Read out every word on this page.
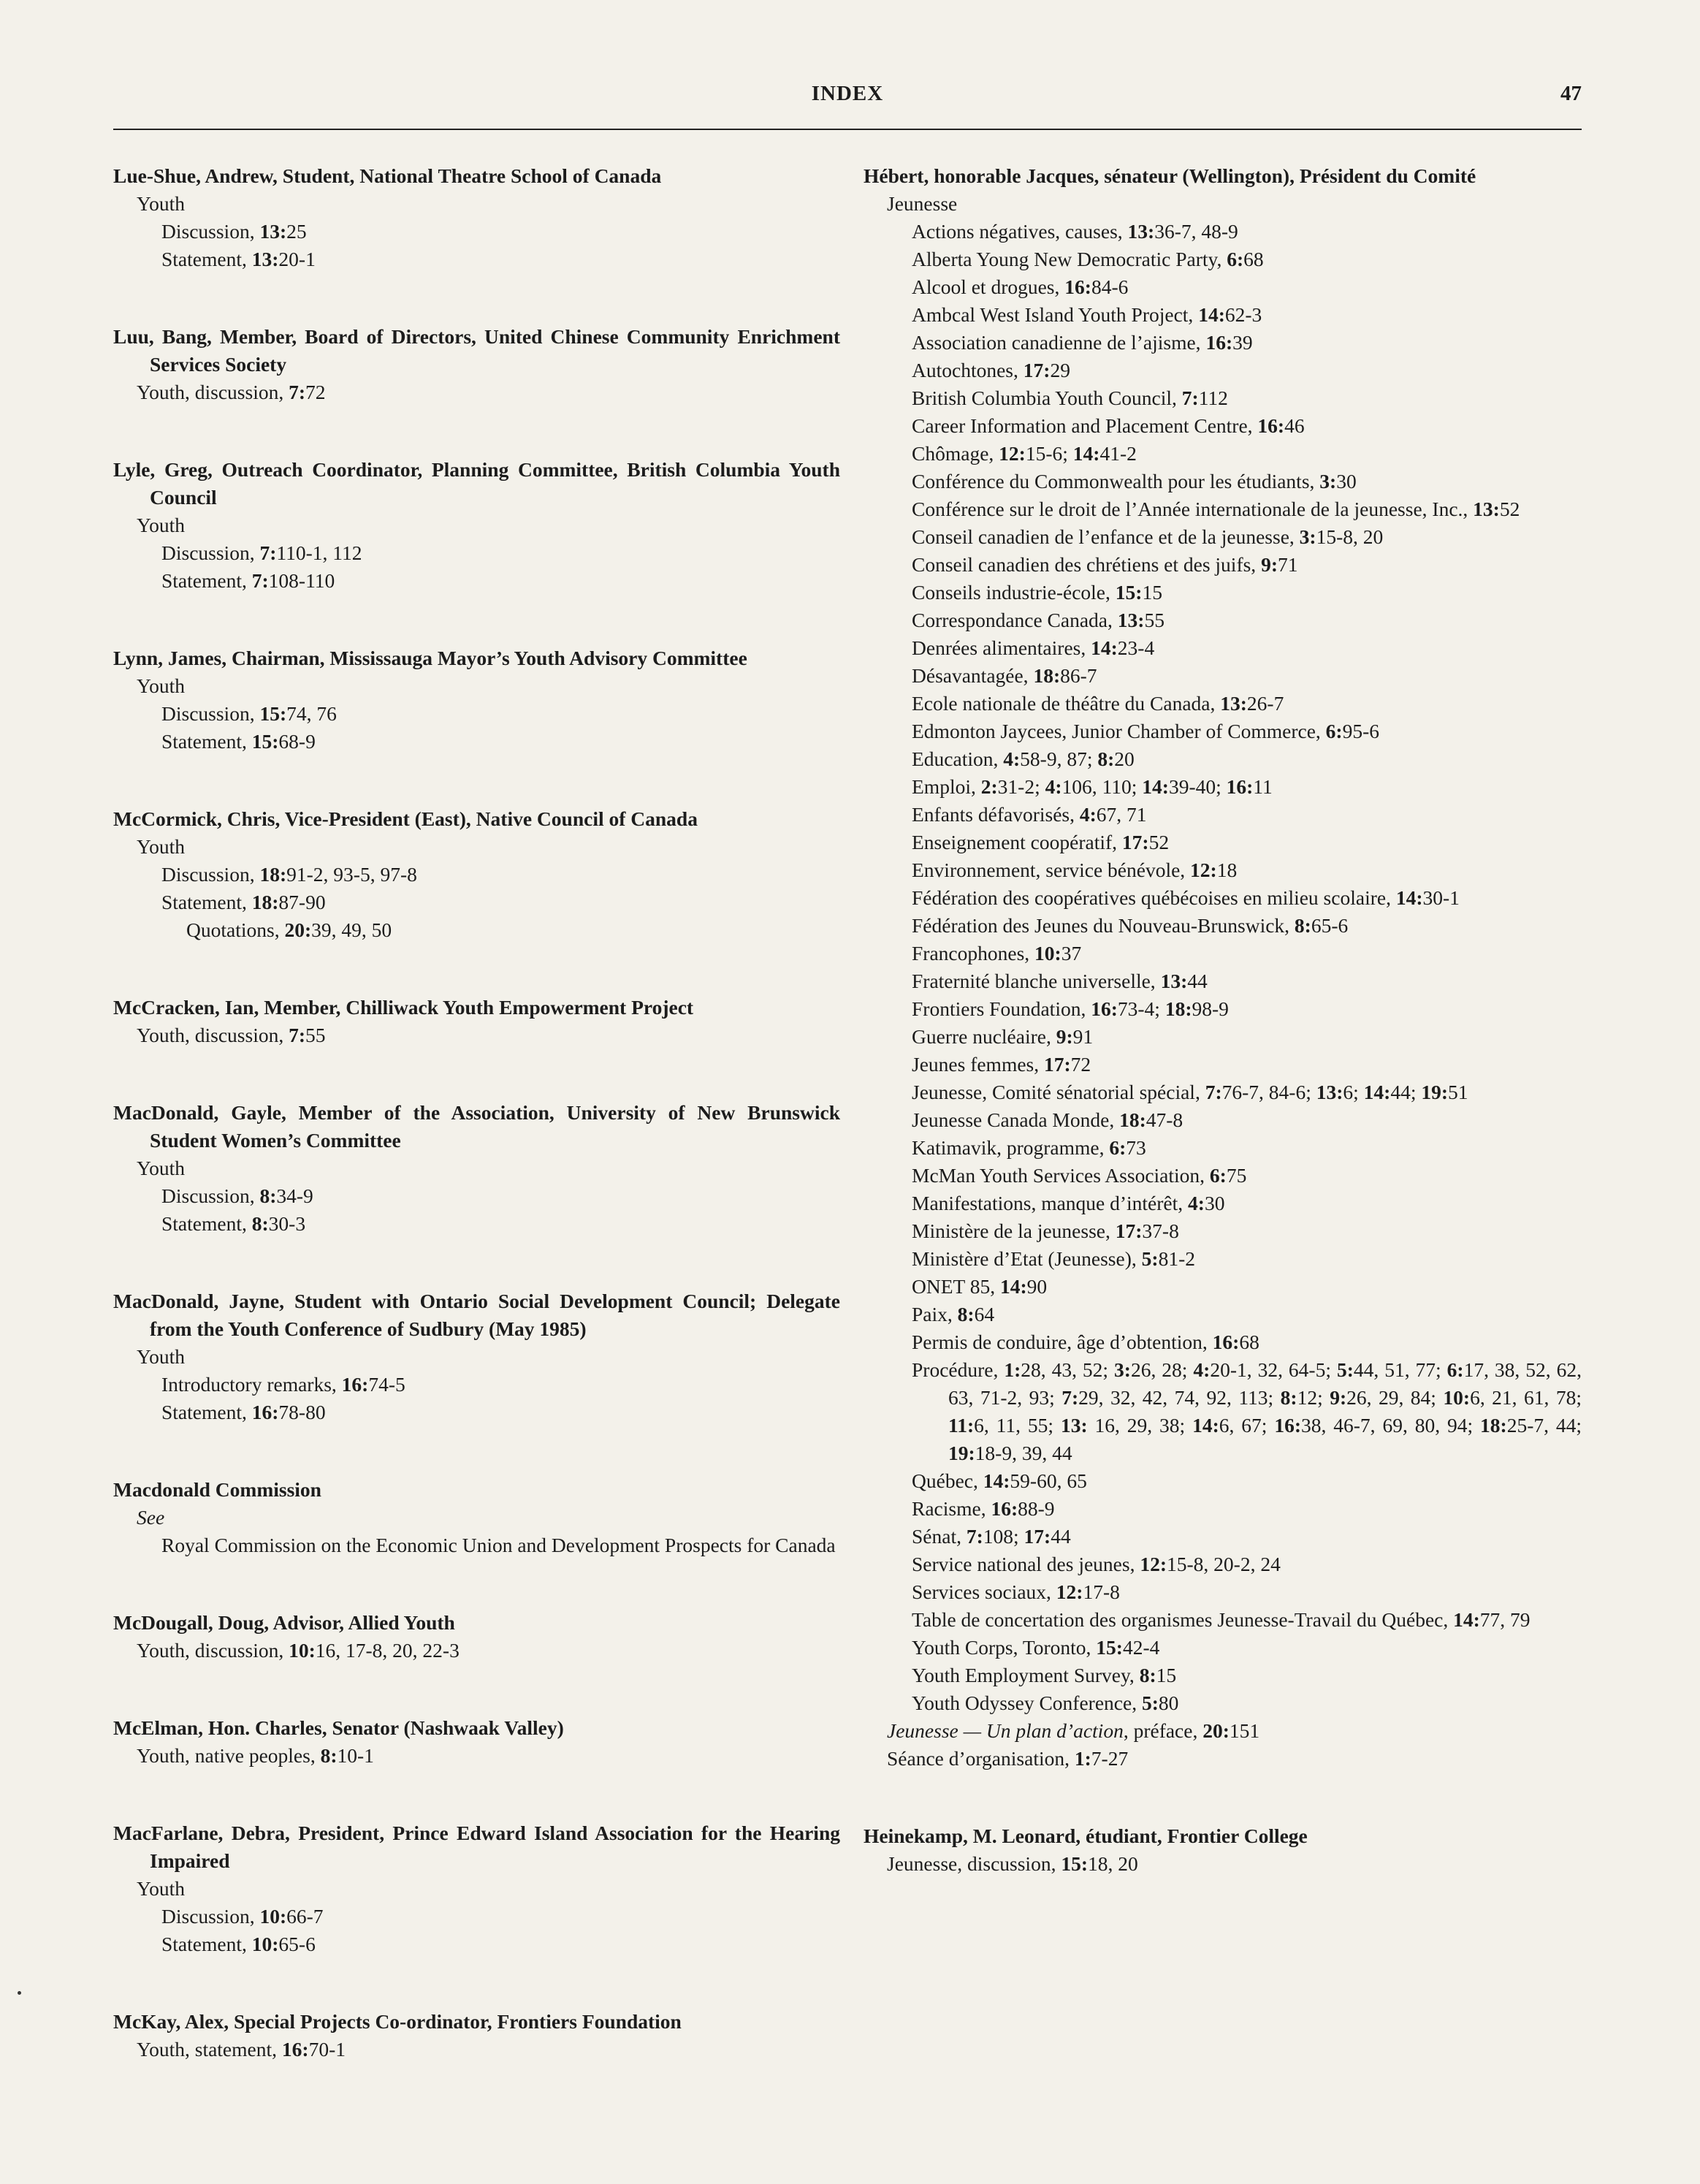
INDEX	47
Lue-Shue, Andrew, Student, National Theatre School of Canada
Youth
Discussion, 13:25
Statement, 13:20-1
Luu, Bang, Member, Board of Directors, United Chinese Community Enrichment Services Society
Youth, discussion, 7:72
Lyle, Greg, Outreach Coordinator, Planning Committee, British Columbia Youth Council
Youth
Discussion, 7:110-1, 112
Statement, 7:108-110
Lynn, James, Chairman, Mississauga Mayor’s Youth Advisory Committee
Youth
Discussion, 15:74, 76
Statement, 15:68-9
McCormick, Chris, Vice-President (East), Native Council of Canada
Youth
Discussion, 18:91-2, 93-5, 97-8
Statement, 18:87-90
Quotations, 20:39, 49, 50
McCracken, Ian, Member, Chilliwack Youth Empowerment Project
Youth, discussion, 7:55
MacDonald, Gayle, Member of the Association, University of New Brunswick Student Women’s Committee
Youth
Discussion, 8:34-9
Statement, 8:30-3
MacDonald, Jayne, Student with Ontario Social Development Council; Delegate from the Youth Conference of Sudbury (May 1985)
Youth
Introductory remarks, 16:74-5
Statement, 16:78-80
Macdonald Commission
See
Royal Commission on the Economic Union and Development Prospects for Canada
McDougall, Doug, Advisor, Allied Youth
Youth, discussion, 10:16, 17-8, 20, 22-3
McElman, Hon. Charles, Senator (Nashwaak Valley)
Youth, native peoples, 8:10-1
MacFarlane, Debra, President, Prince Edward Island Association for the Hearing Impaired
Youth
Discussion, 10:66-7
Statement, 10:65-6
McKay, Alex, Special Projects Co-ordinator, Frontiers Foundation
Youth, statement, 16:70-1
Hébert, honorable Jacques, sénateur (Wellington), Président du Comité
Jeunesse
Actions négatives, causes, 13:36-7, 48-9
Alberta Young New Democratic Party, 6:68
Alcool et drogues, 16:84-6
Ambcal West Island Youth Project, 14:62-3
Association canadienne de l’ajisme, 16:39
Autochtones, 17:29
British Columbia Youth Council, 7:112
Career Information and Placement Centre, 16:46
Chômage, 12:15-6; 14:41-2
Conférence du Commonwealth pour les étudiants, 3:30
Conférence sur le droit de l’Année internationale de la jeunesse, Inc., 13:52
Conseil canadien de l’enfance et de la jeunesse, 3:15-8, 20
Conseil canadien des chrétiens et des juifs, 9:71
Conseils industrie-école, 15:15
Correspondance Canada, 13:55
Denrées alimentaires, 14:23-4
Désavantagée, 18:86-7
Ecole nationale de théâtre du Canada, 13:26-7
Edmonton Jaycees, Junior Chamber of Commerce, 6:95-6
Education, 4:58-9, 87; 8:20
Emploi, 2:31-2; 4:106, 110; 14:39-40; 16:11
Enfants défavorisés, 4:67, 71
Enseignement coopératif, 17:52
Environnement, service bénévole, 12:18
Fédération des coopératives québécoises en milieu scolaire, 14:30-1
Fédération des Jeunes du Nouveau-Brunswick, 8:65-6
Francophones, 10:37
Fraternité blanche universelle, 13:44
Frontiers Foundation, 16:73-4; 18:98-9
Guerre nucléaire, 9:91
Jeunes femmes, 17:72
Jeunesse, Comité sénatorial spécial, 7:76-7, 84-6; 13:6; 14:44; 19:51
Jeunesse Canada Monde, 18:47-8
Katimavik, programme, 6:73
McMan Youth Services Association, 6:75
Manifestations, manque d’intérêt, 4:30
Ministère de la jeunesse, 17:37-8
Ministère d’Etat (Jeunesse), 5:81-2
ONET 85, 14:90
Paix, 8:64
Permis de conduire, âge d’obtention, 16:68
Procédure, 1:28, 43, 52; 3:26, 28; 4:20-1, 32, 64-5; 5:44, 51, 77; 6:17, 38, 52, 62, 63, 71-2, 93; 7:29, 32, 42, 74, 92, 113; 8:12; 9:26, 29, 84; 10:6, 21, 61, 78; 11:6, 11, 55; 13: 16, 29, 38; 14:6, 67; 16:38, 46-7, 69, 80, 94; 18:25-7, 44; 19:18-9, 39, 44
Québec, 14:59-60, 65
Racisme, 16:88-9
Sénat, 7:108; 17:44
Service national des jeunes, 12:15-8, 20-2, 24
Services sociaux, 12:17-8
Table de concertation des organismes Jeunesse-Travail du Québec, 14:77, 79
Youth Corps, Toronto, 15:42-4
Youth Employment Survey, 8:15
Youth Odyssey Conference, 5:80
Jeunesse — Un plan d’action, préface, 20:151
Séance d’organisation, 1:7-27
Heinekamp, M. Leonard, étudiant, Frontier College
Jeunesse, discussion, 15:18, 20
